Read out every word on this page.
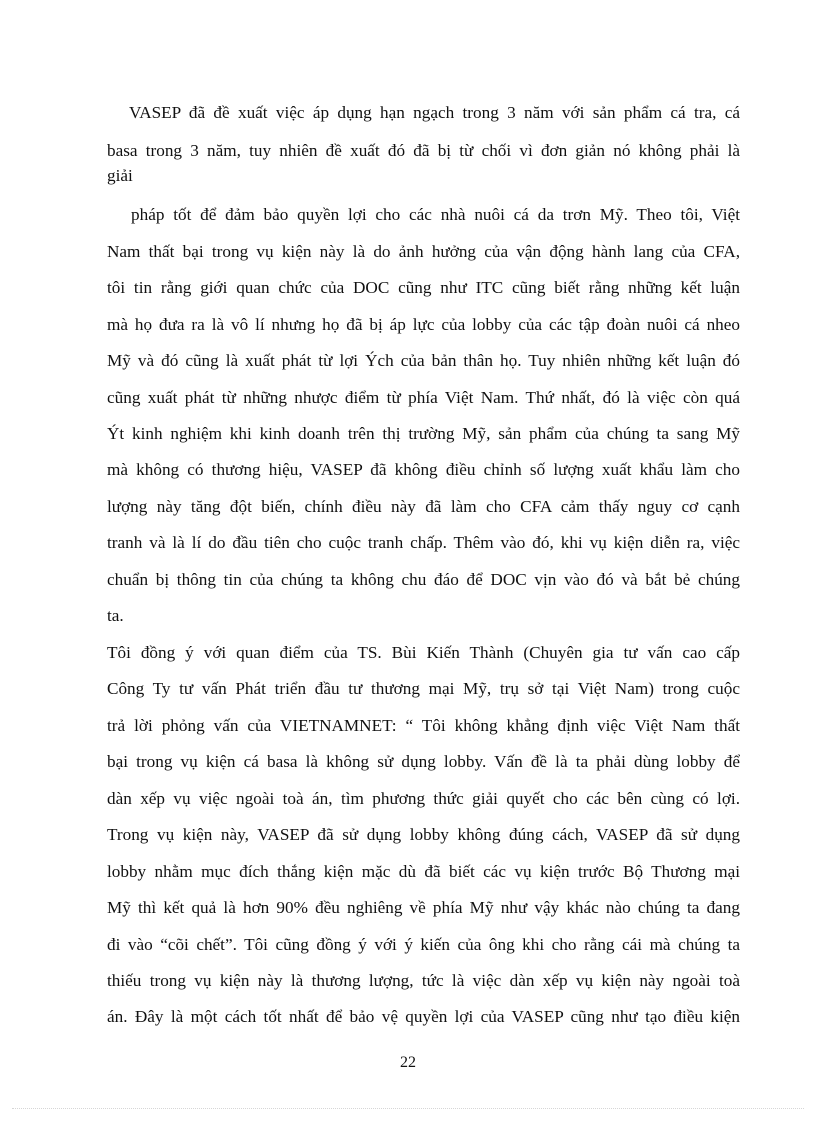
VASEP đã đề xuất việc áp dụng hạn ngạch trong 3 năm với sản phẩm cá tra, cá
basa trong 3 năm, tuy nhiên đề xuất đó đã bị từ chối vì đơn giản nó không phải là
giải
pháp tốt để đảm bảo quyền lợi cho các nhà nuôi cá da trơn Mỹ. Theo tôi, Việt
Nam thất bại trong vụ kiện này là do ảnh hưởng của vận động hành lang của CFA,
tôi tin rằng giới quan chức của DOC cũng như ITC cũng biết rằng những kết luận
mà họ đưa ra là vô lí nhưng họ đã bị áp lực của lobby của các tập đoàn nuôi cá nheo
Mỹ và đó cũng là xuất phát từ lợi Ých của bản thân họ. Tuy nhiên những kết luận đó
cũng xuất phát từ những nhược điểm từ phía Việt Nam. Thứ nhất, đó là việc còn quá
Ýt kinh nghiệm khi kinh doanh trên thị trường Mỹ, sản phẩm của chúng ta sang Mỹ
mà không có thương hiệu, VASEP đã không điều chỉnh số lượng xuất khẩu làm cho
lượng này tăng đột biến, chính điều này đã làm cho CFA cảm thấy nguy cơ cạnh
tranh và là lí do đầu tiên cho cuộc tranh chấp. Thêm vào đó, khi vụ kiện diễn ra, việc
chuẩn bị thông tin của chúng ta không chu đáo để DOC vịn vào đó và bắt bẻ chúng
ta.
Tôi đồng ý với quan điểm của TS. Bùi Kiến Thành (Chuyên gia tư vấn cao cấp
Công Ty tư vấn Phát triển đầu tư thương mại Mỹ, trụ sở tại Việt Nam) trong cuộc
trả lời phỏng vấn của VIETNAMNET: “ Tôi không khẳng định việc Việt Nam thất
bại trong vụ kiện cá basa là không sử dụng lobby. Vấn đề là ta phải dùng lobby để
dàn xếp vụ việc ngoài toà án, tìm phương thức giải quyết cho các bên cùng có lợi.
Trong vụ kiện này, VASEP đã sử dụng lobby không đúng cách, VASEP đã sử dụng
lobby nhằm mục đích thắng kiện mặc dù đã biết các vụ kiện trước Bộ Thương mại
Mỹ thì kết quả là hơn 90% đều nghiêng về phía Mỹ như vậy khác nào chúng ta đang
đi vào “cõi chết”. Tôi cũng đồng ý với ý kiến của ông khi cho rằng cái mà chúng ta
thiếu trong vụ kiện này là thương lượng, tức là việc dàn xếp vụ kiện này ngoài toà
án. Đây là một cách tốt nhất để bảo vệ quyền lợi của VASEP cũng như tạo điều kiện
22
